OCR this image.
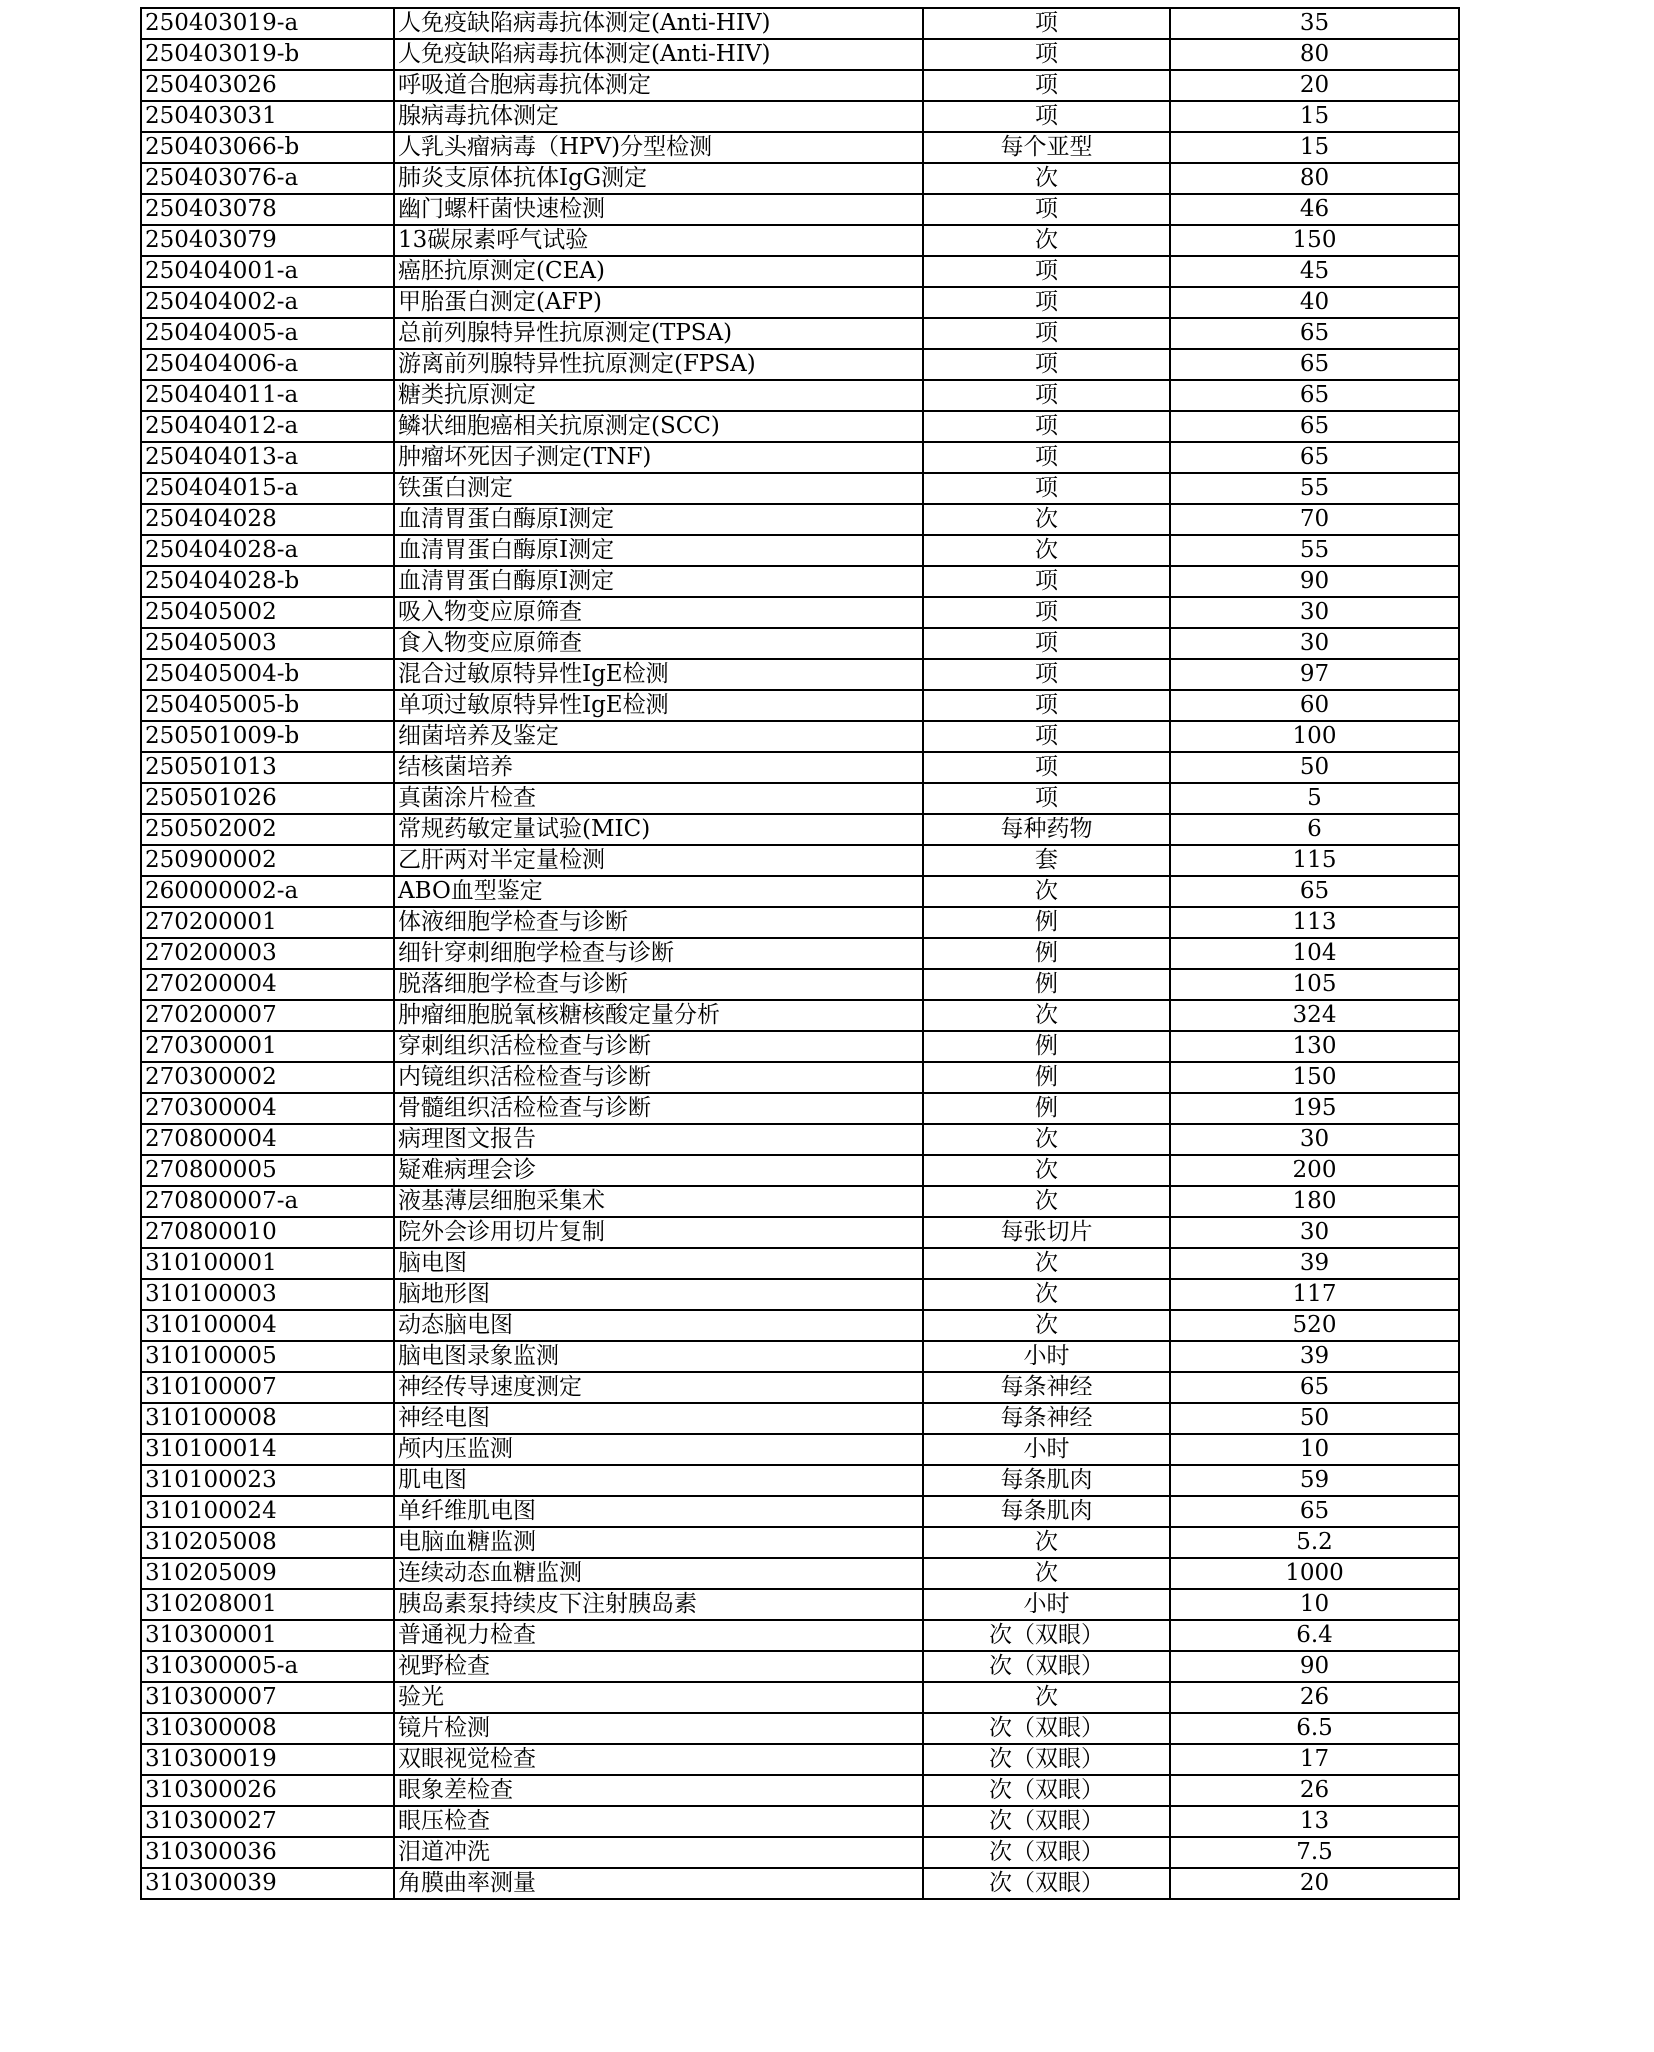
250403019-a	人免疫缺陷病毒抗体测定(Anti-HIV)	项	35
250403019-b	人免疫缺陷病毒抗体测定(Anti-HIV)	项	80
250403026	呼吸道合胞病毒抗体测定	项	20
250403031	腺病毒抗体测定	项	15
250403066-b	人乳头瘤病毒（HPV)分型检测	每个亚型	15
250403076-a	肺炎支原体抗体IgG测定	次	80
250403078	幽门螺杆菌快速检测	项	46
250403079	13碳尿素呼气试验	次	150
250404001-a	癌胚抗原测定(CEA)	项	45
250404002-a	甲胎蛋白测定(AFP)	项	40
250404005-a	总前列腺特异性抗原测定(TPSA)	项	65
250404006-a	游离前列腺特异性抗原测定(FPSA)	项	65
250404011-a	糖类抗原测定	项	65
250404012-a	鳞状细胞癌相关抗原测定(SCC)	项	65
250404013-a	肿瘤坏死因子测定(TNF)	项	65
250404015-a	铁蛋白测定	项	55
250404028	血清胃蛋白酶原Ⅰ测定	次	70
250404028-a	血清胃蛋白酶原Ⅰ测定	次	55
250404028-b	血清胃蛋白酶原Ⅰ测定	项	90
250405002	吸入物变应原筛查	项	30
250405003	食入物变应原筛查	项	30
250405004-b	混合过敏原特异性IgE检测	项	97
250405005-b	单项过敏原特异性IgE检测	项	60
250501009-b	细菌培养及鉴定	项	100
250501013	结核菌培养	项	50
250501026	真菌涂片检查	项	5
250502002	常规药敏定量试验(MIC)	每种药物	6
250900002	乙肝两对半定量检测	套	115
260000002-a	ABO血型鉴定	次	65
270200001	体液细胞学检查与诊断	例	113
270200003	细针穿刺细胞学检查与诊断	例	104
270200004	脱落细胞学检查与诊断	例	105
270200007	肿瘤细胞脱氧核糖核酸定量分析	次	324
270300001	穿刺组织活检检查与诊断	例	130
270300002	内镜组织活检检查与诊断	例	150
270300004	骨髓组织活检检查与诊断	例	195
270800004	病理图文报告	次	30
270800005	疑难病理会诊	次	200
270800007-a	液基薄层细胞采集术	次	180
270800010	院外会诊用切片复制	每张切片	30
310100001	脑电图	次	39
310100003	脑地形图	次	117
310100004	动态脑电图	次	520
310100005	脑电图录象监测	小时	39
310100007	神经传导速度测定	每条神经	65
310100008	神经电图	每条神经	50
310100014	颅内压监测	小时	10
310100023	肌电图	每条肌肉	59
310100024	单纤维肌电图	每条肌肉	65
310205008	电脑血糖监测	次	5.2
310205009	连续动态血糖监测	次	1000
310208001	胰岛素泵持续皮下注射胰岛素	小时	10
310300001	普通视力检查	次（双眼）	6.4
310300005-a	视野检查	次（双眼）	90
310300007	验光	次	26
310300008	镜片检测	次（双眼）	6.5
310300019	双眼视觉检查	次（双眼）	17
310300026	眼象差检查	次（双眼）	26
310300027	眼压检查	次（双眼）	13
310300036	泪道冲洗	次（双眼）	7.5
310300039	角膜曲率测量	次（双眼）	20
